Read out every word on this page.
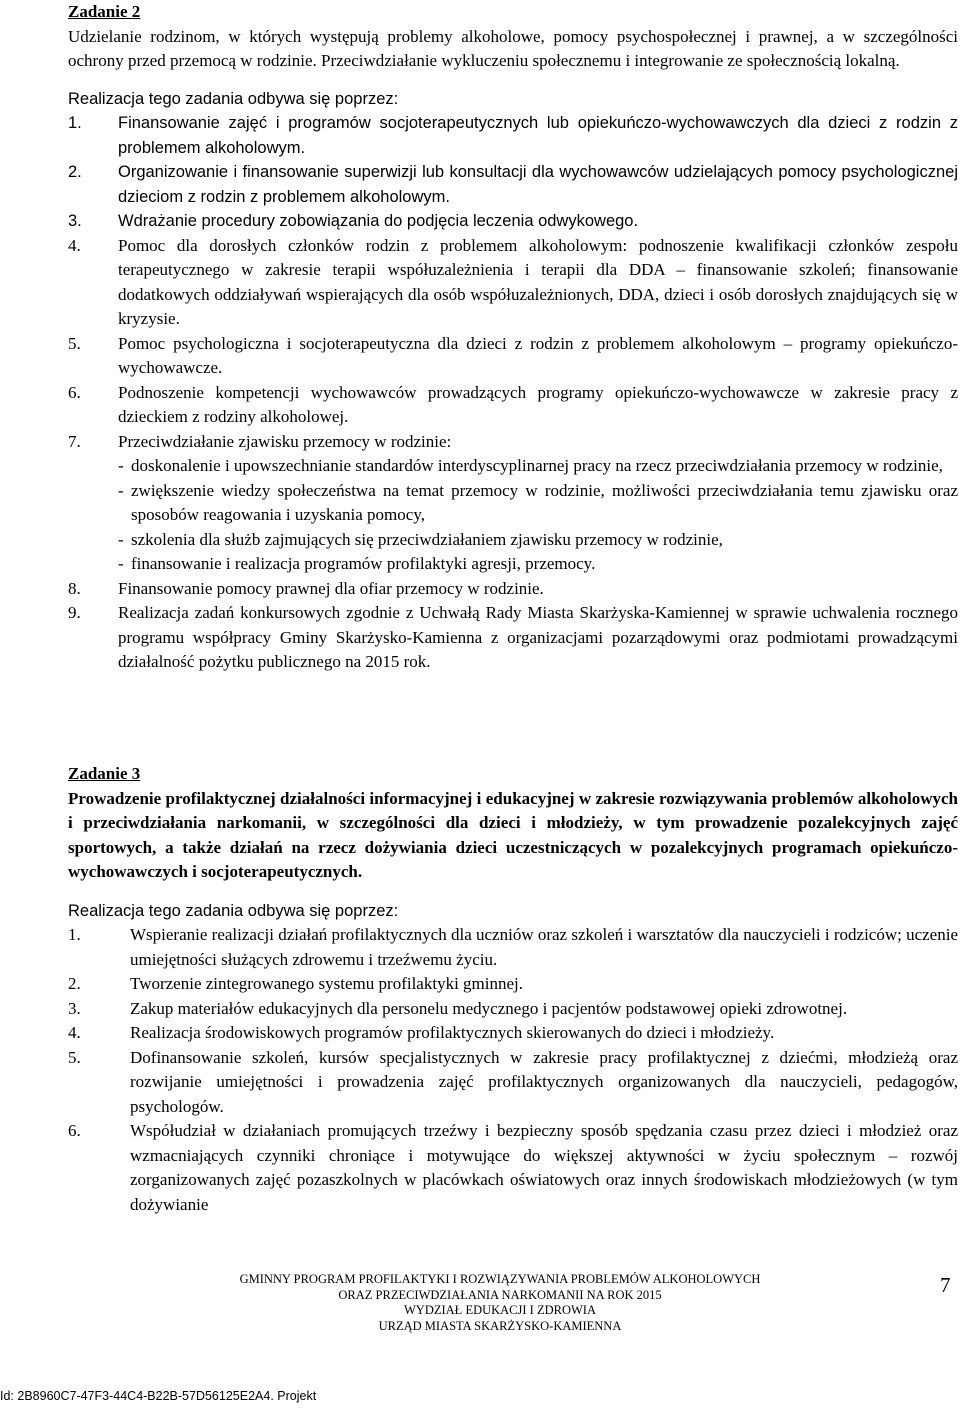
Zadanie 2

Udzielanie rodzinom, w których występują problemy alkoholowe, pomocy psychospołecznej i prawnej, a w szczególności ochrony przed przemocą w rodzinie. Przeciwdziałanie wykluczeniu społecznemu i integrowanie ze społecznością lokalną.

Realizacja tego zadania odbywa się poprzez:

1.	Finansowanie zajęć i programów socjoterapeutycznych lub opiekuńczo-wychowawczych dla dzieci z rodzin z problemem alkoholowym.
2.	Organizowanie i finansowanie superwizji lub konsultacji dla wychowawców udzielających pomocy psychologicznej dzieciom z rodzin z problemem alkoholowym.
3.	Wdrażanie procedury zobowiązania do podjęcia leczenia odwykowego.
4.	Pomoc dla dorosłych członków rodzin z problemem alkoholowym: podnoszenie kwalifikacji członków zespołu terapeutycznego w zakresie terapii współuzależnienia i terapii dla DDA – finansowanie szkoleń; finansowanie dodatkowych oddziaływań wspierających dla osób współuzależnionych, DDA, dzieci i osób dorosłych znajdujących się w kryzysie.
5.	Pomoc psychologiczna i socjoterapeutyczna dla dzieci z rodzin z problemem alkoholowym – programy opiekuńczo-wychowawcze.
6.	Podnoszenie kompetencji wychowawców prowadzących programy opiekuńczo-wychowawcze w zakresie pracy z dzieckiem z rodziny alkoholowej.
7.	Przeciwdziałanie zjawisku przemocy w rodzinie:
- doskonalenie i upowszechnianie standardów interdyscyplinarnej pracy na rzecz przeciwdziałania przemocy w rodzinie,
- zwiększenie wiedzy społeczeństwa na temat przemocy w rodzinie, możliwości przeciwdziałania temu zjawisku oraz sposobów reagowania i uzyskania pomocy,
- szkolenia dla służb zajmujących się przeciwdziałaniem zjawisku przemocy w rodzinie,
- finansowanie i realizacja programów profilaktyki agresji, przemocy.
8.	Finansowanie pomocy prawnej dla ofiar przemocy w rodzinie.
9.	Realizacja zadań konkursowych zgodnie z Uchwałą Rady Miasta Skarżyska-Kamiennej w sprawie uchwalenia rocznego programu współpracy Gminy Skarżysko-Kamienna z organizacjami pozarządowymi oraz podmiotami prowadzącymi działalność pożytku publicznego na 2015 rok.

Zadanie 3

Prowadzenie profilaktycznej działalności informacyjnej i edukacyjnej w zakresie rozwiązywania problemów alkoholowych i przeciwdziałania narkomanii, w szczególności dla dzieci i młodzieży, w tym prowadzenie pozalekcyjnych zajęć sportowych, a także działań na rzecz dożywiania dzieci uczestniczących w pozalekcyjnych programach opiekuńczo-wychowawczych i socjoterapeutycznych.

Realizacja tego zadania odbywa się poprzez:

1.	Wspieranie realizacji działań profilaktycznych dla uczniów oraz szkoleń i warsztatów dla nauczycieli i rodziców; uczenie umiejętności służących zdrowemu i trzeźwemu życiu.
2.	Tworzenie zintegrowanego systemu profilaktyki gminnej.
3.	Zakup materiałów edukacyjnych dla personelu medycznego i pacjentów podstawowej opieki zdrowotnej.
4.	Realizacja środowiskowych programów profilaktycznych skierowanych do dzieci i młodzieży.
5.	Dofinansowanie szkoleń, kursów specjalistycznych w zakresie pracy profilaktycznej z dziećmi, młodzieżą oraz rozwijanie umiejętności i prowadzenia zajęć profilaktycznych organizowanych dla nauczycieli, pedagogów, psychologów.
6.	Współudział w działaniach promujących trzeźwy i bezpieczny sposób spędzania czasu przez dzieci i młodzież oraz wzmacniających czynniki chroniące i motywujące do większej aktywności w życiu społecznym – rozwój zorganizowanych zajęć pozaszkolnych w placówkach oświatowych oraz innych środowiskach młodzieżowych (w tym dożywianie
GMINNY PROGRAM PROFILAKTYKI I ROZWIĄZYWANIA PROBLEMÓW ALKOHOLOWYCH
ORAZ PRZECIWDZIAŁANIA NARKOMANII NA ROK 2015
WYDZIAŁ EDUKACJI I ZDROWIA
URZĄD MIASTA SKARŻYSKO-KAMIENNA
7
Id: 2B8960C7-47F3-44C4-B22B-57D56125E2A4. Projekt
